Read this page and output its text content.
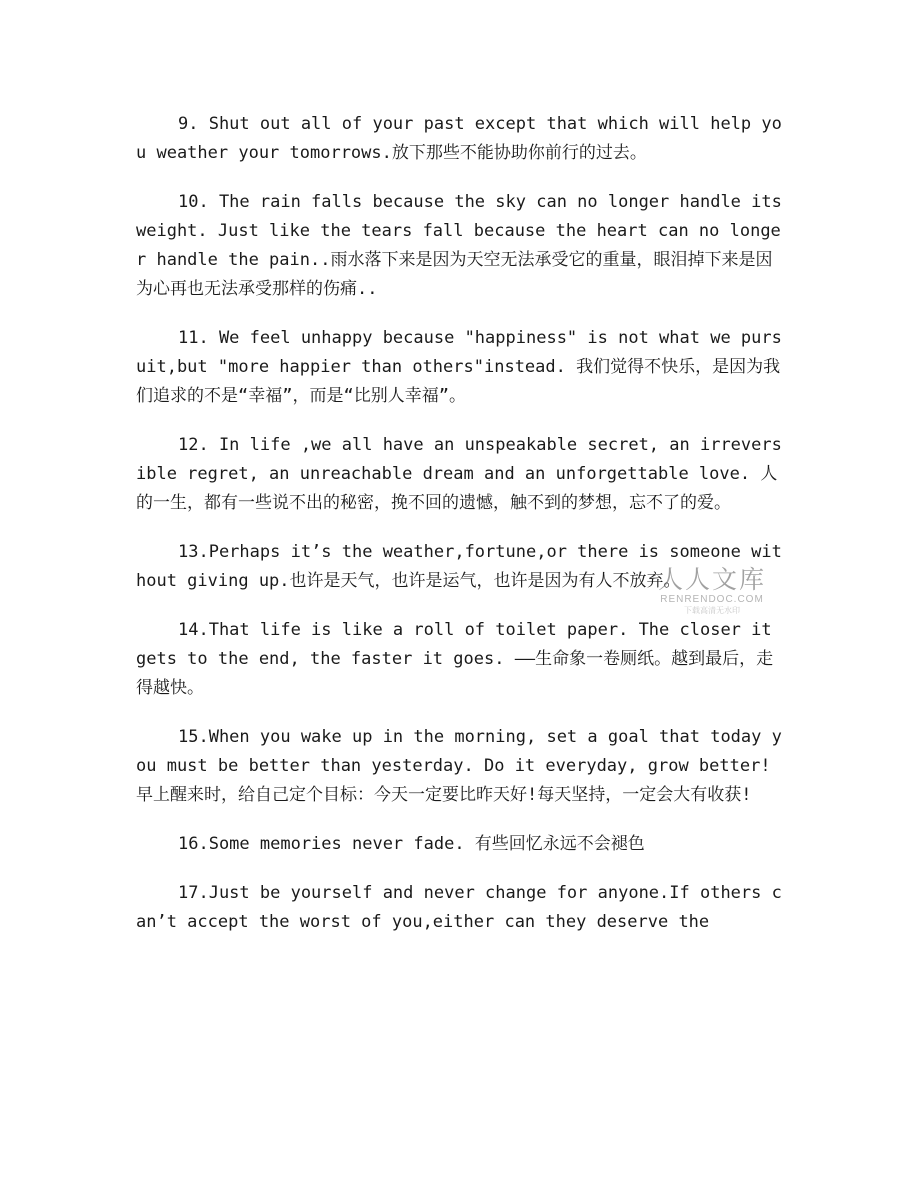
9. Shut out all of your past except that which will help you weather your tomorrows.放下那些不能协助你前行的过去。

10. The rain falls because the sky can no longer handle its weight. Just like the tears fall because the heart can no longer handle the pain..雨水落下来是因为天空无法承受它的重量，眼泪掉下来是因为心再也无法承受那样的伤痛..

11. We feel unhappy because "happiness" is not what we pursuit,but "more happier than others"instead. 我们觉得不快乐，是因为我们追求的不是“幸福”，而是“比别人幸福”。

12. In life ,we all have an unspeakable secret, an irreversible regret, an unreachable dream and an unforgettable love. 人的一生，都有一些说不出的秘密，挽不回的遗憾，触不到的梦想，忘不了的爱。

13.Perhaps it’s the weather,fortune,or there is someone without giving up.也许是天气，也许是运气，也许是因为有人不放弃。

14.That life is like a roll of toilet paper. The closer it gets to the end, the faster it goes. ——生命象一卷厕纸。越到最后，走得越快。

15.When you wake up in the morning, set a goal that today you must be better than yesterday. Do it everyday, grow better!早上醒来时，给自己定个目标：今天一定要比昨天好!每天坚持，一定会大有收获!

16.Some memories never fade. 有些回忆永远不会褪色

17.Just be yourself and never change for anyone.If others can’t accept the worst of you,either can they deserve the

人人文库
RENRENDOC.COM
下载高清无水印
